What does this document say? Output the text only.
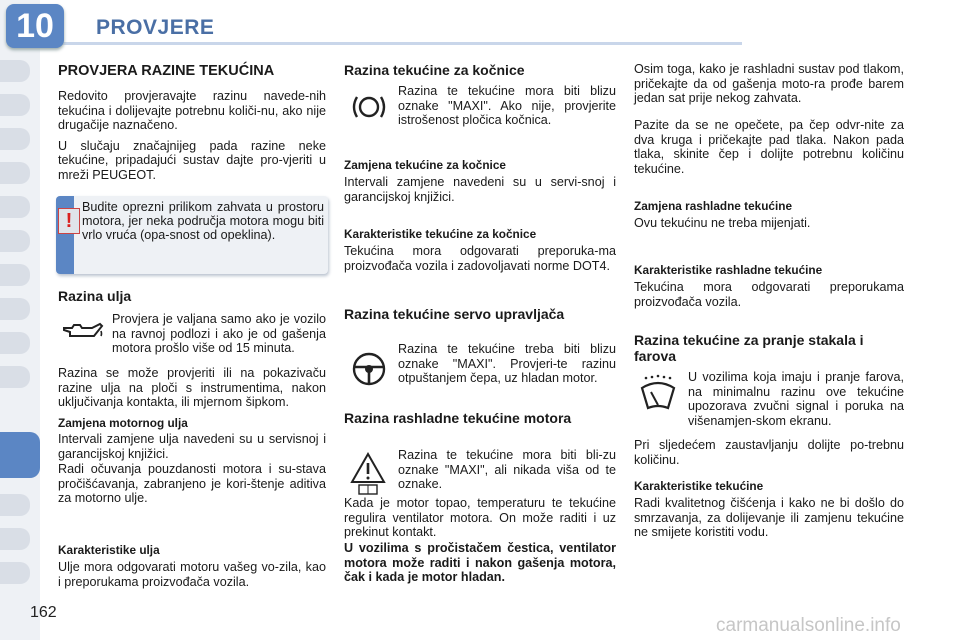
10	PROVJERE
PROVJERA RAZINE TEKUĆINA

Redovito provjeravajte razinu navede-nih tekućina i dolijevajte potrebnu količi-nu, ako nije drugačije naznačeno.

U slučaju značajnijeg pada razine neke tekućine, pripadajući sustav dajte pro-vjeriti u mreži PEUGEOT.

!
Budite oprezni prilikom zahvata u prostoru motora, jer neka područja motora mogu biti vrlo vruća (opa-snost od opeklina).
Razina ulja
Provjera je valjana samo ako je vozilo na ravnoj podlozi i ako je od gašenja motora prošlo više od 15 minuta.
Razina se može provjeriti ili na pokazivaču razine ulja na ploči s instrumentima, nakon uključivanja kontakta, ili mjernom šipkom.
Zamjena motornog ulja
Intervali zamjene ulja navedeni su u servisnoj i garancijskoj knjižici.
Radi očuvanja pouzdanosti motora i su-stava pročišćavanja, zabranjeno je kori-štenje aditiva za motorno ulje.
Karakteristike ulja
Ulje mora odgovarati motoru vašeg vo-zila, kao i preporukama proizvođača vozila.
Razina tekućine za kočnice
Razina te tekućine mora biti blizu oznake "MAXI". Ako nije, provjerite istrošenost pločica kočnica.
Zamjena tekućine za kočnice
Intervali zamjene navedeni su u servi-snoj i garancijskoj knjižici.
Karakteristike tekućine za kočnice
Tekućina mora odgovarati preporuka-ma proizvođača vozila i zadovoljavati norme DOT4.
Razina tekućine servo upravljača
Razina te tekućine treba biti blizu oznake "MAXI". Provjeri-te razinu otpuštanjem čepa, uz hladan motor.
Razina rashladne tekućine motora
Razina te tekućine mora biti bli-zu oznake "MAXI", ali nikada viša od te oznake.
Kada je motor topao, temperaturu te tekućine regulira ventilator motora. On može raditi i uz prekinut kontakt.
U vozilima s pročistačem čestica, ventilator motora može raditi i nakon gašenja motora, čak i kada je motor hladan.
Osim toga, kako je rashladni sustav pod tlakom, pričekajte da od gašenja moto-ra prođe barem jedan sat prije nekog zahvata.
Pazite da se ne opečete, pa čep odvr-nite za dva kruga i pričekajte pad tlaka. Nakon pada tlaka, skinite čep i dolijte potrebnu količinu tekućine.
Zamjena rashladne tekućine
Ovu tekućinu ne treba mijenjati.
Karakteristike rashladne tekućine
Tekućina mora odgovarati preporukama proizvođača vozila.
Razina tekućine za pranje stakala i farova
U vozilima koja imaju i pranje farova, na minimalnu razinu ove tekućine upozorava zvučni signal i poruka na višenamjen-skom ekranu.
Pri sljedećem zaustavljanju dolijte po-trebnu količinu.
Karakteristike tekućine
Radi kvalitetnog čišćenja i kako ne bi došlo do smrzavanja, za dolijevanje ili zamjenu tekućine ne smijete koristiti vodu.
162
carmanualsonline.info
